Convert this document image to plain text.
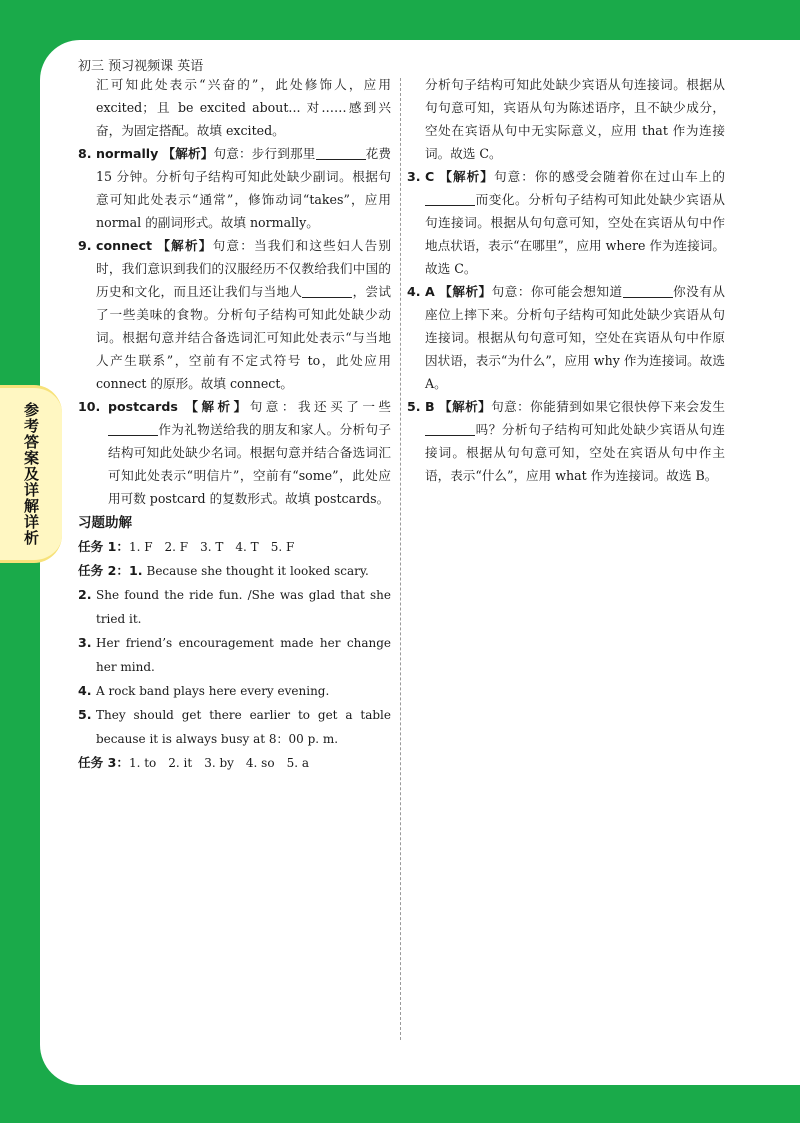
初三 预习视频课 英语
参考答案及详解详析

汇可知此处表示“兴奋的”，此处修饰人，应用 excited；且 be excited about... 对……感到兴奋，为固定搭配。故填 excited。

8. normally 【解析】句意：步行到那里	花费 15 分钟。分析句子结构可知此处缺少副词。根据句意可知此处表示“通常”，修饰动词“takes”，应用 normal 的副词形式。故填 normally。

9. connect 【解析】句意：当我们和这些妇人告别时，我们意识到我们的汉服经历不仅教给我们中国的历史和文化，而且还让我们与当地人	，尝试了一些美味的食物。分析句子结构可知此处缺少动词。根据句意并结合备选词汇可知此处表示“与当地人产生联系”，空前有不定式符号 to，此处应用 connect 的原形。故填 connect。

10. postcards 【解析】句意：我还买了一些作为礼物送给我的朋友和家人。分析句子结构可知此处缺少名词。根据句意并结合备选词汇可知此处表示“明信片”，空前有“some”，此处应用可数 postcard 的复数形式。故填 postcards。

习题助解

任务 1：1. F 2. F 3. T 4. T 5. F

任务 2：1. Because she thought it looked scary.

2. She found the ride fun. /She was glad that she tried it.

3. Her friend’s encouragement made her change her mind.

4. A rock band plays here every evening.

5. They should get there earlier to get a table because it is always busy at 8：00 p. m.

任务 3：1. to 2. it 3. by 4. so 5. a

分析句子结构可知此处缺少宾语从句连接词。根据从句句意可知，宾语从句为陈述语序，且不缺少成分，空处在宾语从句中无实际意义，应用 that 作为连接词。故选 C。

3. C 【解析】句意：你的感受会随着你在过山车上的而变化。分析句子结构可知此处缺少宾语从句连接词。根据从句句意可知，空处在宾语从句中作地点状语，表示“在哪里”，应用 where 作为连接词。故选 C。

4. A 【解析】句意：你可能会想知道	你没有从座位上摔下来。分析句子结构可知此处缺少宾语从句连接词。根据从句句意可知，空处在宾语从句中作原因状语，表示“为什么”，应用 why 作为连接词。故选 A。

5. B 【解析】句意：你能猜到如果它很快停下来会发生吗？分析句子结构可知此处缺少宾语从句连接词。根据从句句意可知，空处在宾语从句中作主语，表示“什么”，应用 what 作为连接词。故选 B。
